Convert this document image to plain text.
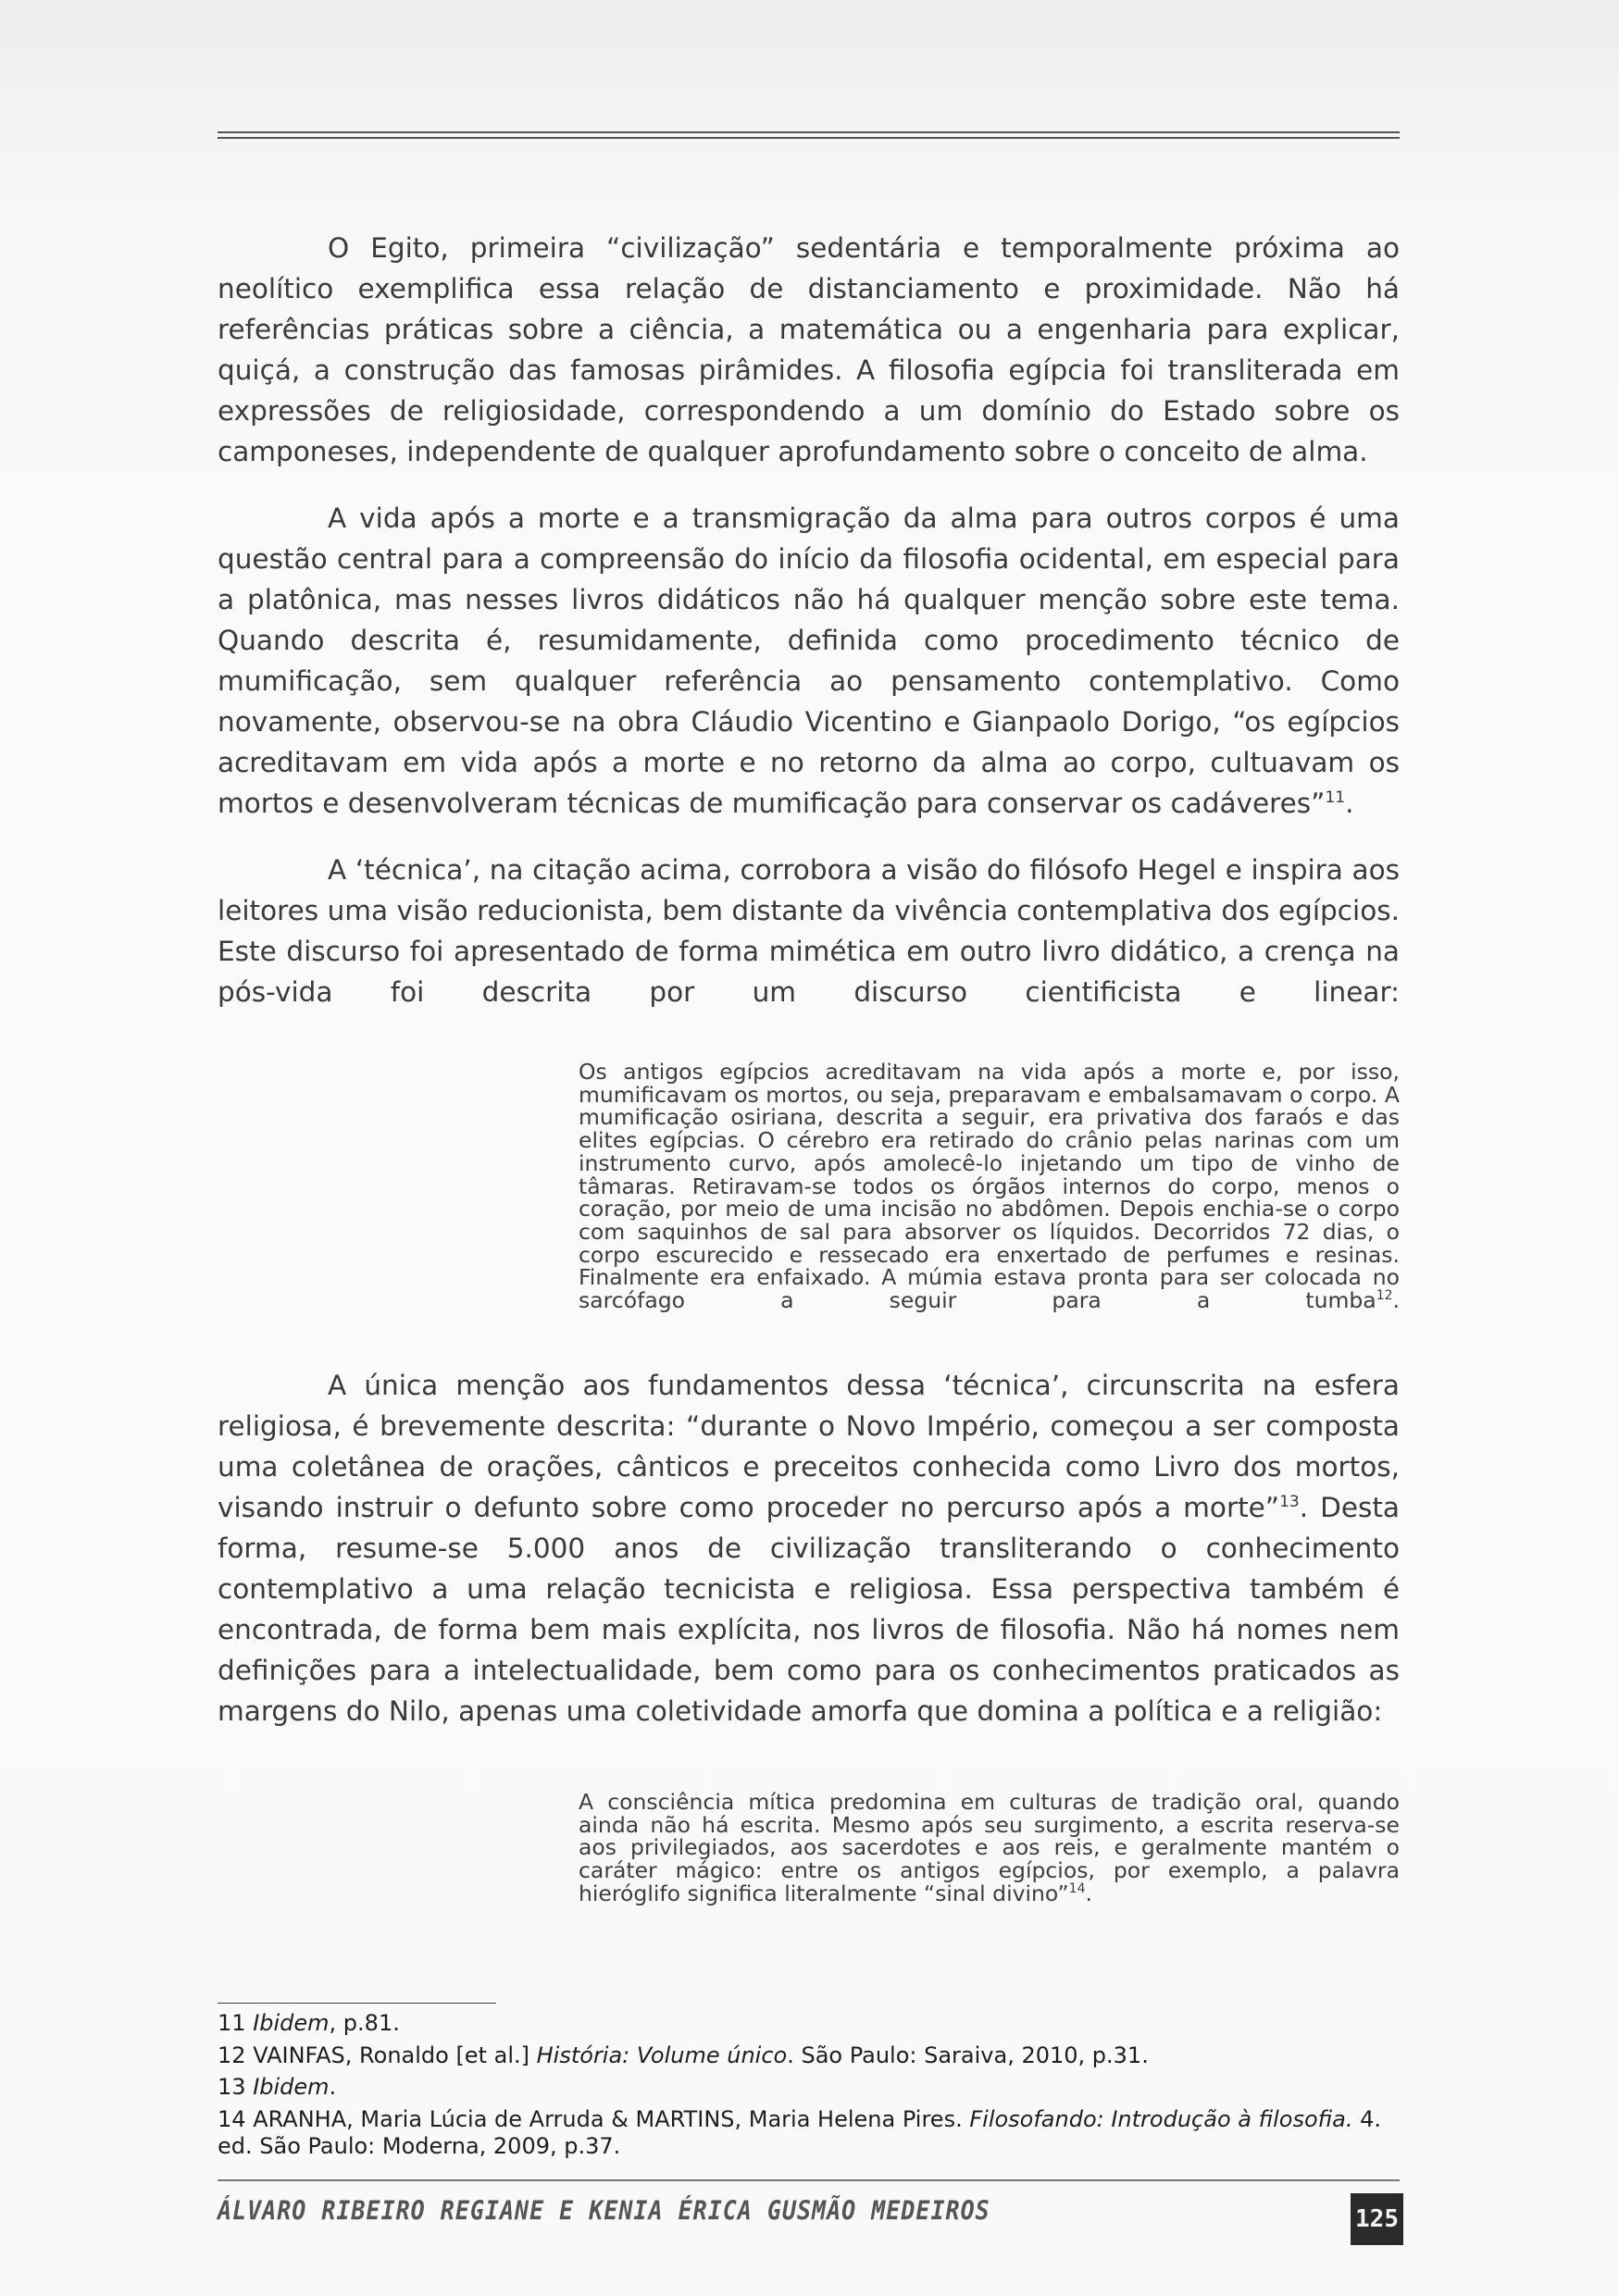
O Egito, primeira “civilização” sedentária e temporalmente próxima ao neolítico exemplifica essa relação de distanciamento e proximidade. Não há referências práticas sobre a ciência, a matemática ou a engenharia para explicar, quiçá, a construção das famosas pirâmides. A filosofia egípcia foi transliterada em expressões de religiosidade, correspondendo a um domínio do Estado sobre os camponeses, independente de qualquer aprofundamento sobre o conceito de alma.

A vida após a morte e a transmigração da alma para outros corpos é uma questão central para a compreensão do início da filosofia ocidental, em especial para a platônica, mas nesses livros didáticos não há qualquer menção sobre este tema. Quando descrita é, resumidamente, definida como procedimento técnico de mumificação, sem qualquer referência ao pensamento contemplativo. Como novamente, observou-se na obra Cláudio Vicentino e Gianpaolo Dorigo, “os egípcios acreditavam em vida após a morte e no retorno da alma ao corpo, cultuavam os mortos e desenvolveram técnicas de mumificação para conservar os cadáveres”$^{11}$.

A ‘técnica’, na citação acima, corrobora a visão do filósofo Hegel e inspira aos leitores uma visão reducionista, bem distante da vivência contemplativa dos egípcios. Este discurso foi apresentado de forma mimética em outro livro didático, a crença na pós-vida foi descrita por um discurso cientificista e linear:

Os antigos egípcios acreditavam na vida após a morte e, por isso, mumificavam os mortos, ou seja, preparavam e embalsamavam o corpo. A mumificação osiriana, descrita a seguir, era privativa dos faraós e das elites egípcias. O cérebro era retirado do crânio pelas narinas com um instrumento curvo, após amolecê-lo injetando um tipo de vinho de tâmaras. Retiravam-se todos os órgãos internos do corpo, menos o coração, por meio de uma incisão no abdômen. Depois enchia-se o corpo com saquinhos de sal para absorver os líquidos. Decorridos 72 dias, o corpo escurecido e ressecado era enxertado de perfumes e resinas. Finalmente era enfaixado. A múmia estava pronta para ser colocada no sarcófago a seguir para a tumba$^{12}$.

A única menção aos fundamentos dessa ‘técnica’, circunscrita na esfera religiosa, é brevemente descrita: “durante o Novo Império, começou a ser composta uma coletânea de orações, cânticos e preceitos conhecida como Livro dos mortos, visando instruir o defunto sobre como proceder no percurso após a morte”$^{13}$. Desta forma, resume-se 5.000 anos de civilização transliterando o conhecimento contemplativo a uma relação tecnicista e religiosa. Essa perspectiva também é encontrada, de forma bem mais explícita, nos livros de filosofia. Não há nomes nem definições para a intelectualidade, bem como para os conhecimentos praticados as margens do Nilo, apenas uma coletividade amorfa que domina a política e a religião:

A consciência mítica predomina em culturas de tradição oral, quando ainda não há escrita. Mesmo após seu surgimento, a escrita reserva-se aos privilegiados, aos sacerdotes e aos reis, e geralmente mantém o caráter mágico: entre os antigos egípcios, por exemplo, a palavra hieróglifo significa literalmente “sinal divino”$^{14}$.

11 Ibidem, p.81.

12 VAINFAS, Ronaldo [et al.] História: Volume único. São Paulo: Saraiva, 2010, p.31.

13 Ibidem.

14 ARANHA, Maria Lúcia de Arruda & MARTINS, Maria Helena Pires. Filosofando: Introdução à filosofia. 4. ed. São Paulo: Moderna, 2009, p.37.

ÁLVARO RIBEIRO REGIANE E KENIA ÉRICA GUSMÃO MEDEIROS	125
